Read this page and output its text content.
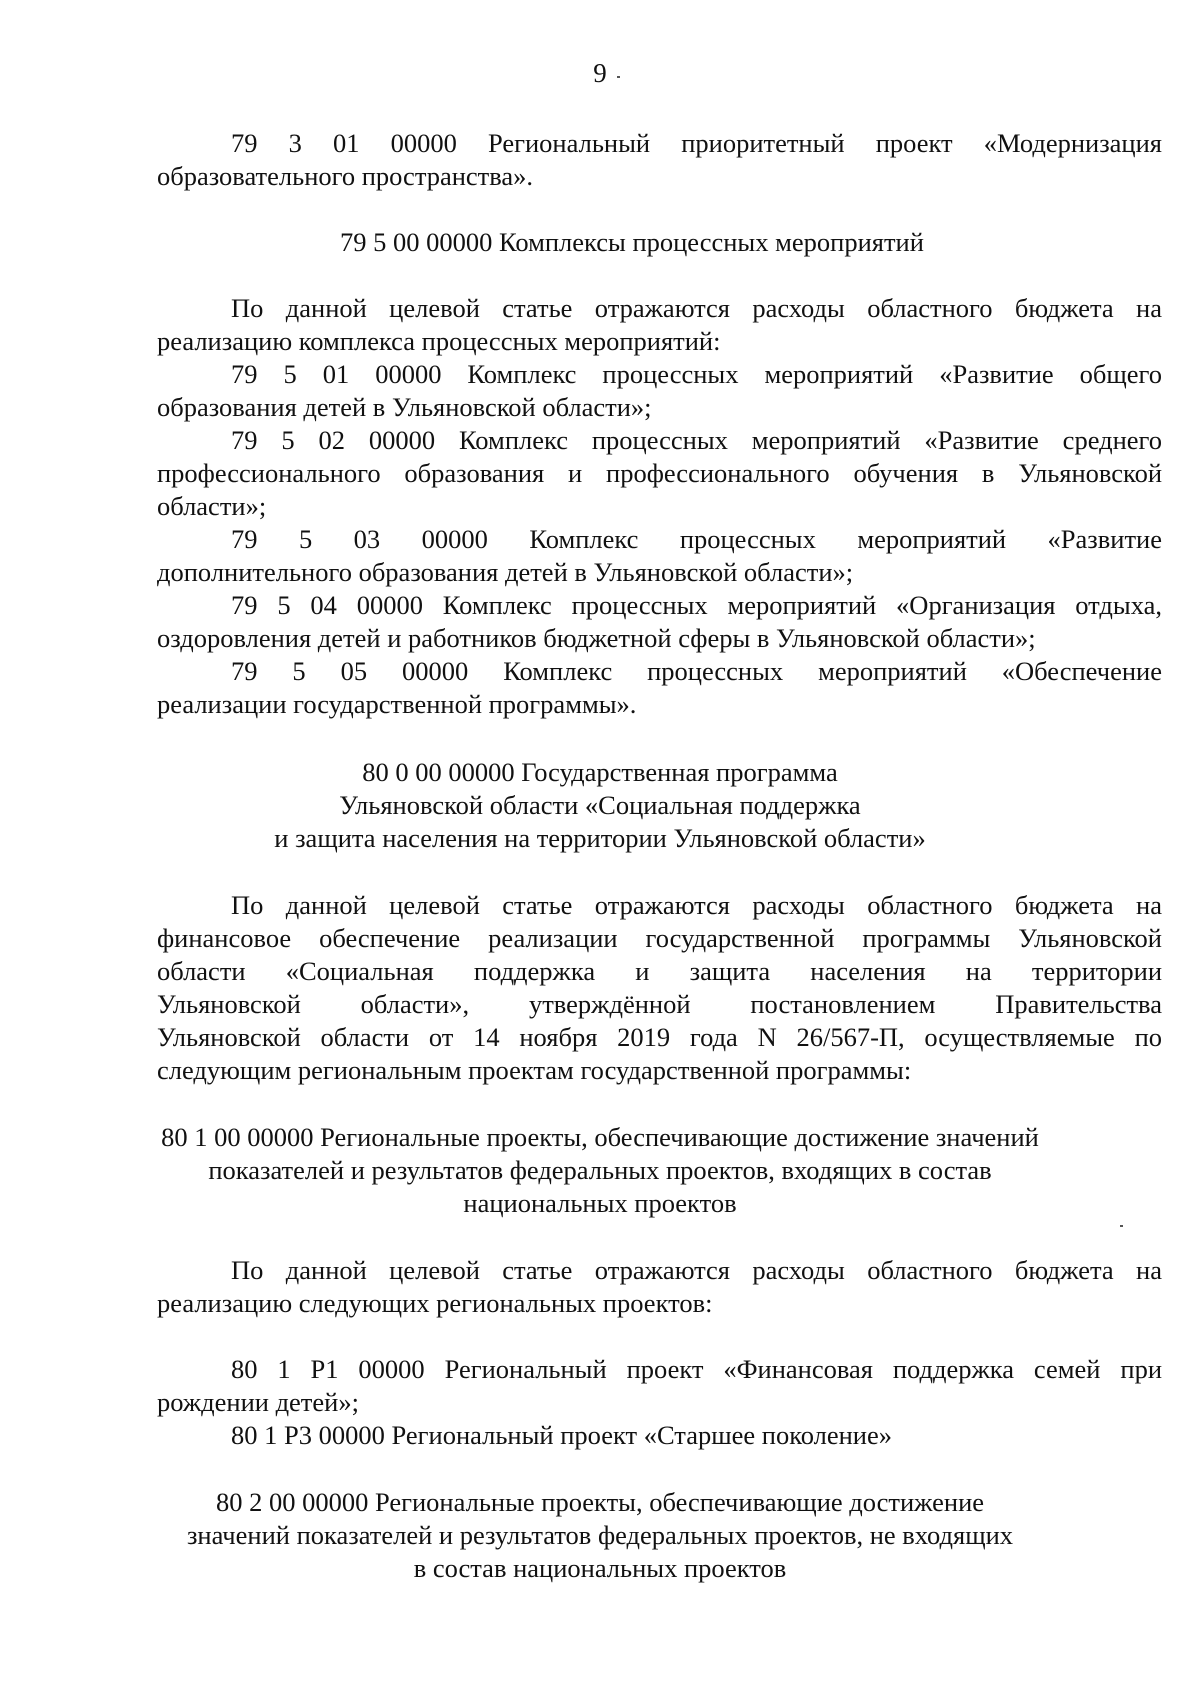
9
79 3 01 00000 Региональный приоритетный проект «Модернизация
образовательного пространства».
79 5 00 00000 Комплексы процессных мероприятий
По данной целевой статье отражаются расходы областного бюджета на
реализацию комплекса процессных мероприятий:
79 5 01 00000 Комплекс процессных мероприятий «Развитие общего
образования детей в Ульяновской области»;
79 5 02 00000 Комплекс процессных мероприятий «Развитие среднего
профессионального образования и профессионального обучения в Ульяновской
области»;
79 5 03 00000 Комплекс процессных мероприятий «Развитие
дополнительного образования детей в Ульяновской области»;
79 5 04 00000 Комплекс процессных мероприятий «Организация отдыха,
оздоровления детей и работников бюджетной сферы в Ульяновской области»;
79 5 05 00000 Комплекс процессных мероприятий «Обеспечение
реализации государственной программы».
80 0 00 00000 Государственная программа
Ульяновской области «Социальная поддержка
и защита населения на территории Ульяновской области»
По данной целевой статье отражаются расходы областного бюджета на
финансовое обеспечение реализации государственной программы Ульяновской
области «Социальная поддержка и защита населения на территории
Ульяновской области», утверждённой постановлением Правительства
Ульяновской области от 14 ноября 2019 года N 26/567-П, осуществляемые по
следующим региональным проектам государственной программы:
80 1 00 00000 Региональные проекты, обеспечивающие достижение значений
показателей и результатов федеральных проектов, входящих в состав
национальных проектов
По данной целевой статье отражаются расходы областного бюджета на
реализацию следующих региональных проектов:
80 1 Р1 00000 Региональный проект «Финансовая поддержка семей при
рождении детей»;
80 1 Р3 00000 Региональный проект «Старшее поколение»
80 2 00 00000 Региональные проекты, обеспечивающие достижение
значений показателей и результатов федеральных проектов, не входящих
в состав национальных проектов
